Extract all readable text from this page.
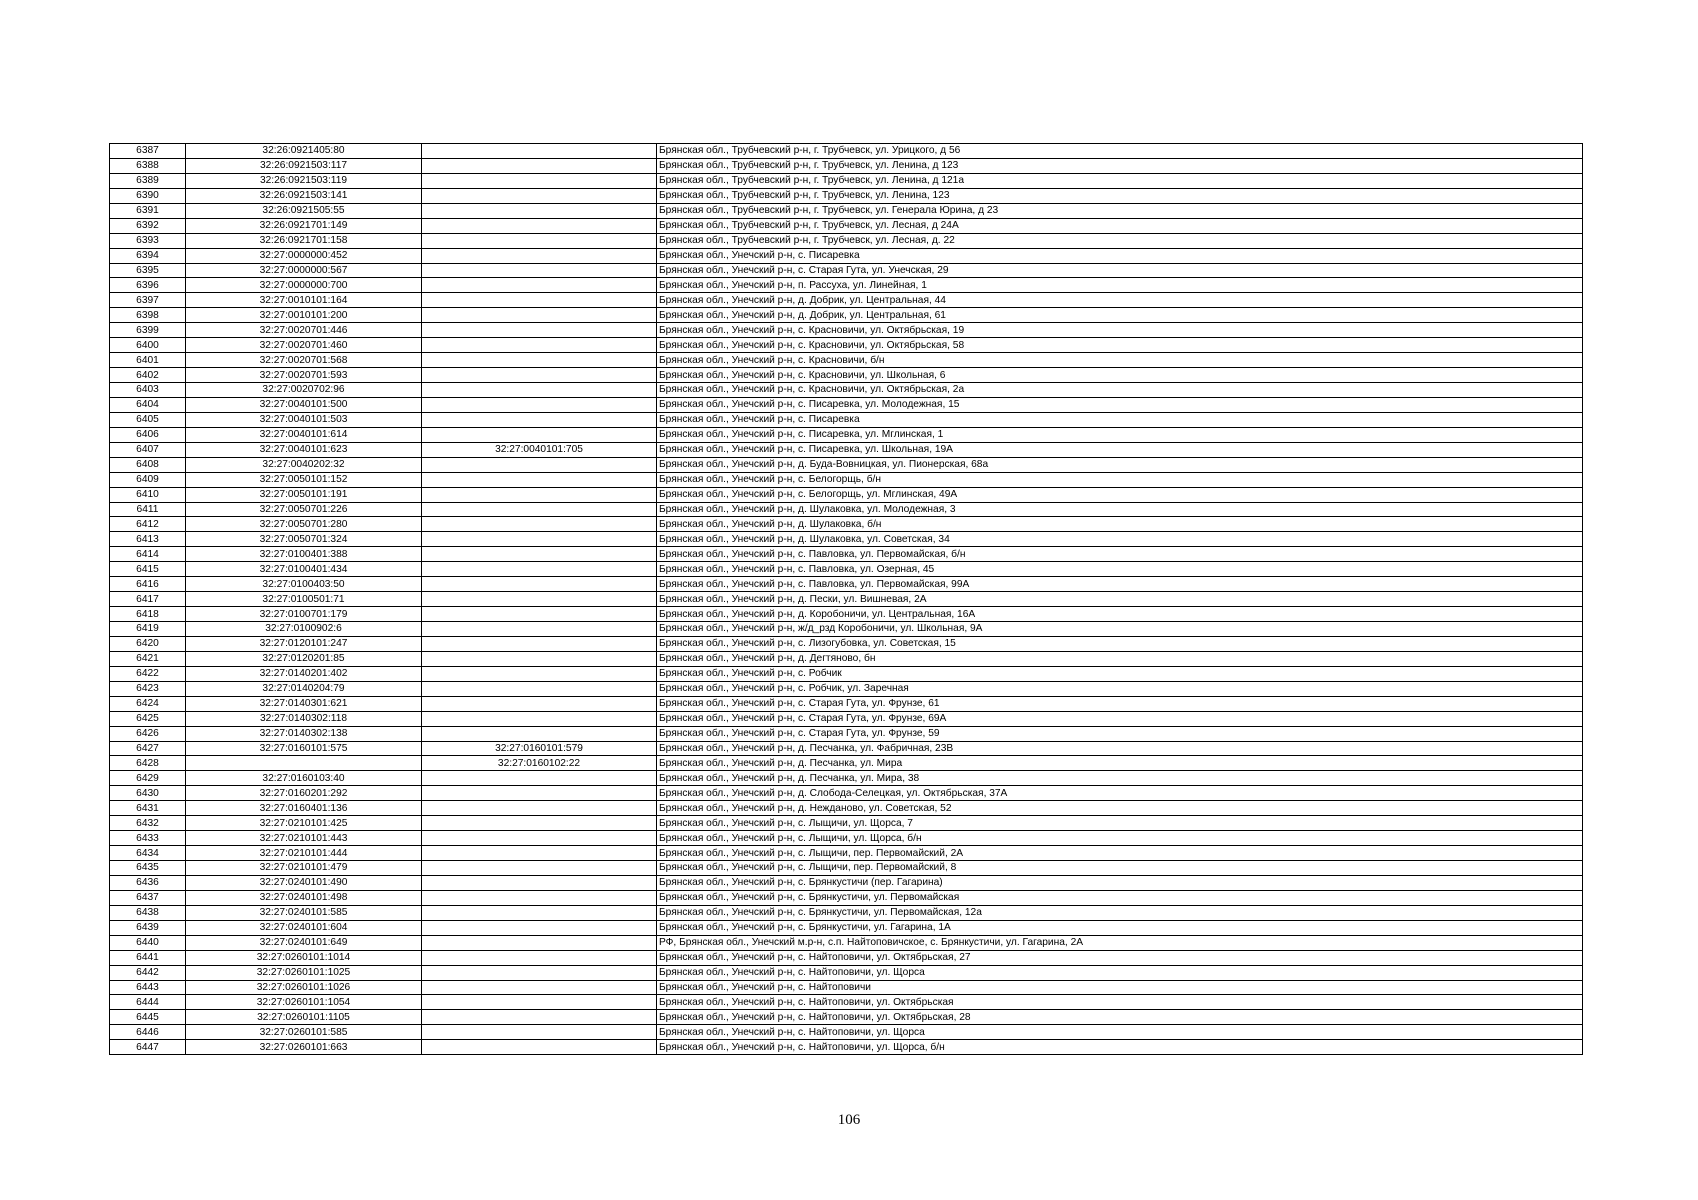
6387	32:26:0921405:80		Брянская обл., Трубчевский р-н, г. Трубчевск, ул. Урицкого, д 56
6388	32:26:0921503:117		Брянская обл., Трубчевский р-н, г. Трубчевск, ул. Ленина, д 123
6389	32:26:0921503:119		Брянская обл., Трубчевский р-н, г. Трубчевск, ул. Ленина, д 121а
6390	32:26:0921503:141		Брянская обл., Трубчевский р-н, г. Трубчевск, ул. Ленина, 123
6391	32:26:0921505:55		Брянская обл., Трубчевский р-н, г. Трубчевск, ул. Генерала Юрина, д 23
6392	32:26:0921701:149		Брянская обл., Трубчевский р-н, г. Трубчевск, ул. Лесная, д 24А
6393	32:26:0921701:158		Брянская обл., Трубчевский р-н, г. Трубчевск, ул. Лесная, д. 22
6394	32:27:0000000:452		Брянская обл., Унечский р-н, с. Писаревка
6395	32:27:0000000:567		Брянская обл., Унечский р-н, с. Старая Гута, ул. Унечская, 29
6396	32:27:0000000:700		Брянская обл., Унечский р-н, п. Рассуха, ул. Линейная, 1
6397	32:27:0010101:164		Брянская обл., Унечский р-н, д. Добрик, ул. Центральная, 44
6398	32:27:0010101:200		Брянская обл., Унечский р-н, д. Добрик, ул. Центральная, 61
6399	32:27:0020701:446		Брянская обл., Унечский р-н, с. Красновичи, ул. Октябрьская, 19
6400	32:27:0020701:460		Брянская обл., Унечский р-н, с. Красновичи, ул. Октябрьская, 58
6401	32:27:0020701:568		Брянская обл., Унечский р-н, с. Красновичи, б/н
6402	32:27:0020701:593		Брянская обл., Унечский р-н, с. Красновичи, ул. Школьная, 6
6403	32:27:0020702:96		Брянская обл., Унечский р-н, с. Красновичи, ул. Октябрьская, 2а
6404	32:27:0040101:500		Брянская обл., Унечский р-н, с. Писаревка, ул. Молодежная, 15
6405	32:27:0040101:503		Брянская обл., Унечский р-н, с. Писаревка
6406	32:27:0040101:614		Брянская обл., Унечский р-н, с. Писаревка, ул. Мглинская, 1
6407	32:27:0040101:623	32:27:0040101:705	Брянская обл., Унечский р-н, с. Писаревка, ул. Школьная, 19А
6408	32:27:0040202:32		Брянская обл., Унечский р-н, д. Буда-Вовницкая, ул. Пионерская, 68а
6409	32:27:0050101:152		Брянская обл., Унечский р-н, с. Белогорщь, б/н
6410	32:27:0050101:191		Брянская обл., Унечский р-н, с. Белогорщь, ул. Мглинская, 49А
6411	32:27:0050701:226		Брянская обл., Унечский р-н, д. Шулаковка, ул. Молодежная, 3
6412	32:27:0050701:280		Брянская обл., Унечский р-н, д. Шулаковка, б/н
6413	32:27:0050701:324		Брянская обл., Унечский р-н, д. Шулаковка, ул. Советская, 34
6414	32:27:0100401:388		Брянская обл., Унечский р-н, с. Павловка, ул. Первомайская, б/н
6415	32:27:0100401:434		Брянская обл., Унечский р-н, с. Павловка, ул. Озерная, 45
6416	32:27:0100403:50		Брянская обл., Унечский р-н, с. Павловка, ул. Первомайская, 99А
6417	32:27:0100501:71		Брянская обл., Унечский р-н, д. Пески, ул. Вишневая, 2А
6418	32:27:0100701:179		Брянская обл., Унечский р-н, д. Коробоничи, ул. Центральная, 16А
6419	32:27:0100902:6		Брянская обл., Унечский р-н, ж/д_рзд Коробоничи, ул. Школьная, 9А
6420	32:27:0120101:247		Брянская обл., Унечский р-н, с. Лизогубовка, ул. Советская, 15
6421	32:27:0120201:85		Брянская обл., Унечский р-н, д. Дегтяново, бн
6422	32:27:0140201:402		Брянская обл., Унечский р-н, с. Робчик
6423	32:27:0140204:79		Брянская обл., Унечский р-н, с. Робчик, ул. Заречная
6424	32:27:0140301:621		Брянская обл., Унечский р-н, с. Старая Гута, ул. Фрунзе, 61
6425	32:27:0140302:118		Брянская обл., Унечский р-н, с. Старая Гута, ул. Фрунзе, 69А
6426	32:27:0140302:138		Брянская обл., Унечский р-н, с. Старая Гута, ул. Фрунзе, 59
6427	32:27:0160101:575	32:27:0160101:579	Брянская обл., Унечский р-н, д. Песчанка, ул. Фабричная, 23В
6428		32:27:0160102:22	Брянская обл., Унечский р-н, д. Песчанка, ул. Мира
6429	32:27:0160103:40		Брянская обл., Унечский р-н, д. Песчанка, ул. Мира, 38
6430	32:27:0160201:292		Брянская обл., Унечский р-н, д. Слобода-Селецкая, ул. Октябрьская, 37А
6431	32:27:0160401:136		Брянская обл., Унечский р-н, д. Нежданово, ул. Советская, 52
6432	32:27:0210101:425		Брянская обл., Унечский р-н, с. Лыщичи, ул. Щорса, 7
6433	32:27:0210101:443		Брянская обл., Унечский р-н, с. Лыщичи, ул. Щорса, б/н
6434	32:27:0210101:444		Брянская обл., Унечский р-н, с. Лыщичи, пер. Первомайский, 2А
6435	32:27:0210101:479		Брянская обл., Унечский р-н, с. Лыщичи, пер. Первомайский, 8
6436	32:27:0240101:490		Брянская обл., Унечский р-н, с. Брянкустичи (пер. Гагарина)
6437	32:27:0240101:498		Брянская обл., Унечский р-н, с. Брянкустичи, ул. Первомайская
6438	32:27:0240101:585		Брянская обл., Унечский р-н, с. Брянкустичи, ул. Первомайская, 12а
6439	32:27:0240101:604		Брянская обл., Унечский р-н, с. Брянкустичи, ул. Гагарина, 1А
6440	32:27:0240101:649		РФ, Брянская обл., Унечский м.р-н, с.п. Найтоповичское, с. Брянкустичи, ул. Гагарина, 2А
6441	32:27:0260101:1014		Брянская обл., Унечский р-н, с. Найтоповичи, ул. Октябрьская, 27
6442	32:27:0260101:1025		Брянская обл., Унечский р-н, с. Найтоповичи, ул. Щорса
6443	32:27:0260101:1026		Брянская обл., Унечский р-н, с. Найтоповичи
6444	32:27:0260101:1054		Брянская обл., Унечский р-н, с. Найтоповичи, ул. Октябрьская
6445	32:27:0260101:1105		Брянская обл., Унечский р-н, с. Найтоповичи, ул. Октябрьская, 28
6446	32:27:0260101:585		Брянская обл., Унечский р-н, с. Найтоповичи, ул. Щорса
6447	32:27:0260101:663		Брянская обл., Унечский р-н, с. Найтоповичи, ул. Щорса, б/н
106
